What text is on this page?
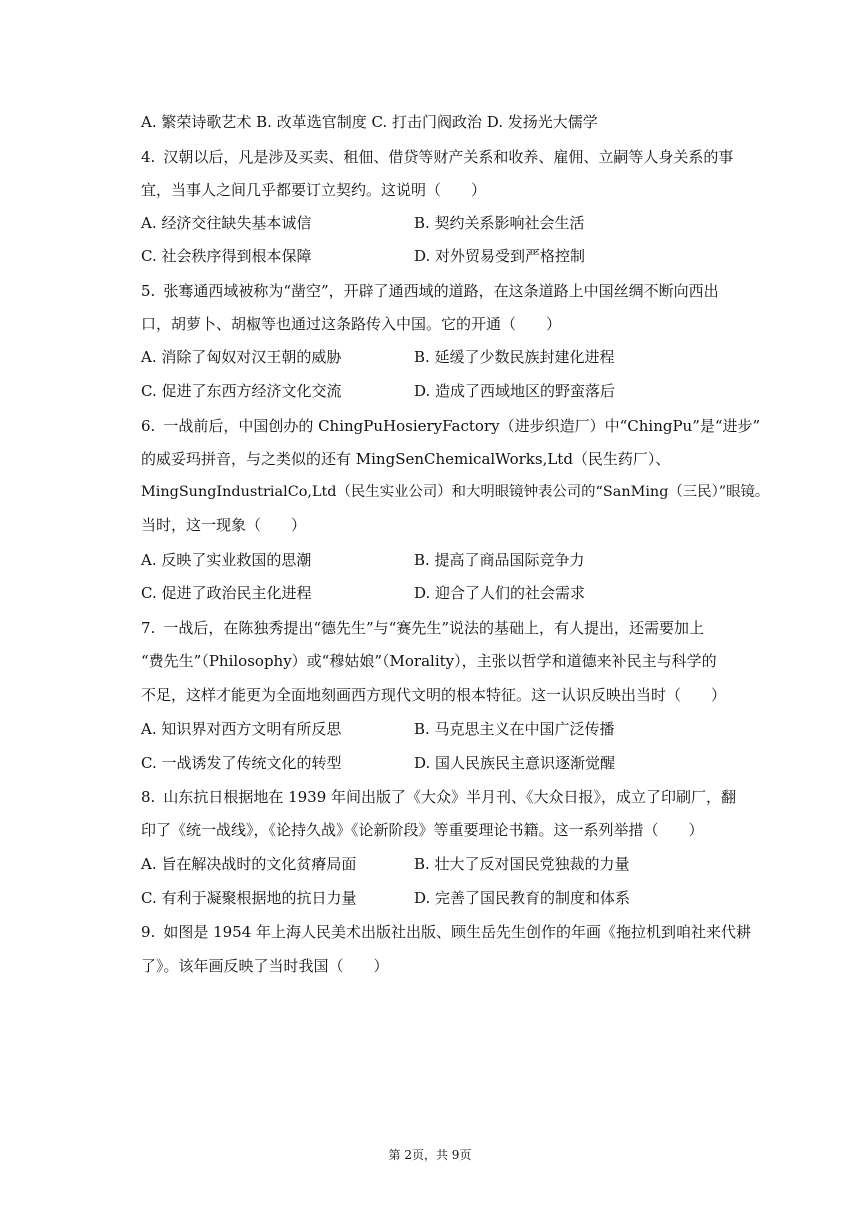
A. 繁荣诗歌艺术 B. 改革选官制度 C. 打击门阀政治 D. 发扬光大儒学
4. 汉朝以后，凡是涉及买卖、租佃、借贷等财产关系和收养、雇佣、立嗣等人身关系的事
宜，当事人之间几乎都要订立契约。这说明（　　）
A. 经济交往缺失基本诚信	B. 契约关系影响社会生活
C. 社会秩序得到根本保障	D. 对外贸易受到严格控制
5. 张骞通西域被称为“凿空”，开辟了通西域的道路，在这条道路上中国丝绸不断向西出
口，胡萝卜、胡椒等也通过这条路传入中国。它的开通（　　）
A. 消除了匈奴对汉王朝的威胁	B. 延缓了少数民族封建化进程
C. 促进了东西方经济文化交流	D. 造成了西域地区的野蛮落后
6. 一战前后，中国创办的 ChingPuHosieryFactory（进步织造厂）中“ChingPu”是“进步”
的威妥玛拼音，与之类似的还有 MingSenChemicalWorks,Ltd（民生药厂）、
MingSungIndustrialCo,Ltd（民生实业公司）和大明眼镜钟表公司的“SanMing（三民）”眼镜。
当时，这一现象（　　）
A. 反映了实业救国的思潮	B. 提高了商品国际竞争力
C. 促进了政治民主化进程	D. 迎合了人们的社会需求
7. 一战后，在陈独秀提出“德先生”与“赛先生”说法的基础上，有人提出，还需要加上
“费先生”（Philosophy）或“穆姑娘”（Morality），主张以哲学和道德来补民主与科学的
不足，这样才能更为全面地刻画西方现代文明的根本特征。这一认识反映出当时（　　）
A. 知识界对西方文明有所反思	B. 马克思主义在中国广泛传播
C. 一战诱发了传统文化的转型	D. 国人民族民主意识逐渐觉醒
8. 山东抗日根据地在 1939 年间出版了《大众》半月刊、《大众日报》，成立了印刷厂，翻
印了《统一战线》，《论持久战》《论新阶段》等重要理论书籍。这一系列举措（　　）
A. 旨在解决战时的文化贫瘠局面	B. 壮大了反对国民党独裁的力量
C. 有利于凝聚根据地的抗日力量	D. 完善了国民教育的制度和体系
9. 如图是 1954 年上海人民美术出版社出版、顾生岳先生创作的年画《拖拉机到咱社来代耕
了》。该年画反映了当时我国（　　）
第 2页，共 9页
